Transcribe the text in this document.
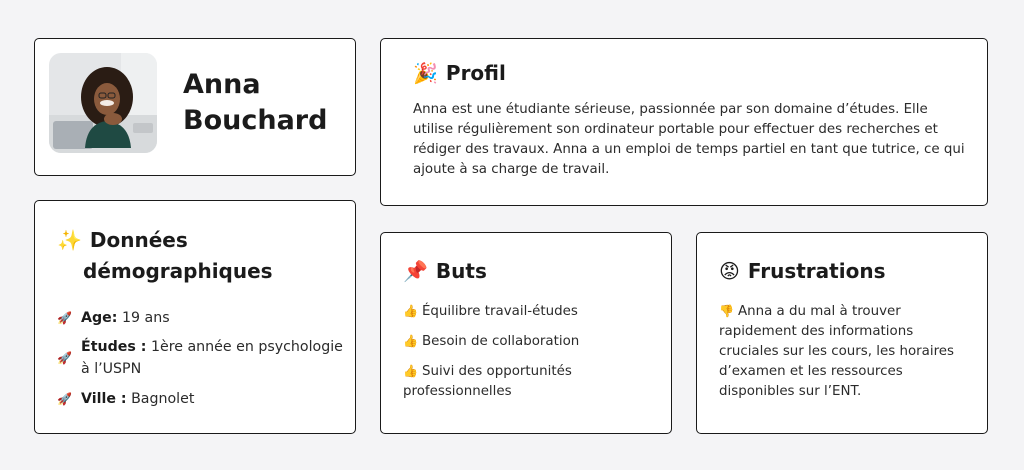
Anna
Bouchard
🎉 Profil
Anna est une étudiante sérieuse, passionnée par son domaine d’études. Elle utilise régulièrement son ordinateur portable pour effectuer des recherches et rédiger des travaux. Anna a un emploi de temps partiel en tant que tutrice, ce qui ajoute à sa charge de travail.
✨ Données
démographiques
🚀 Age: 19 ans
🚀
Études : 1ère année en psychologie à l’USPN
🚀 Ville : Bagnolet
📌 Buts
👍 Équilibre travail-études
👍 Besoin de collaboration
👍 Suivi des opportunités professionnelles
😡 Frustrations
👎 Anna a du mal à trouver rapidement des informations cruciales sur les cours, les horaires d’examen et les ressources disponibles sur l’ENT.
